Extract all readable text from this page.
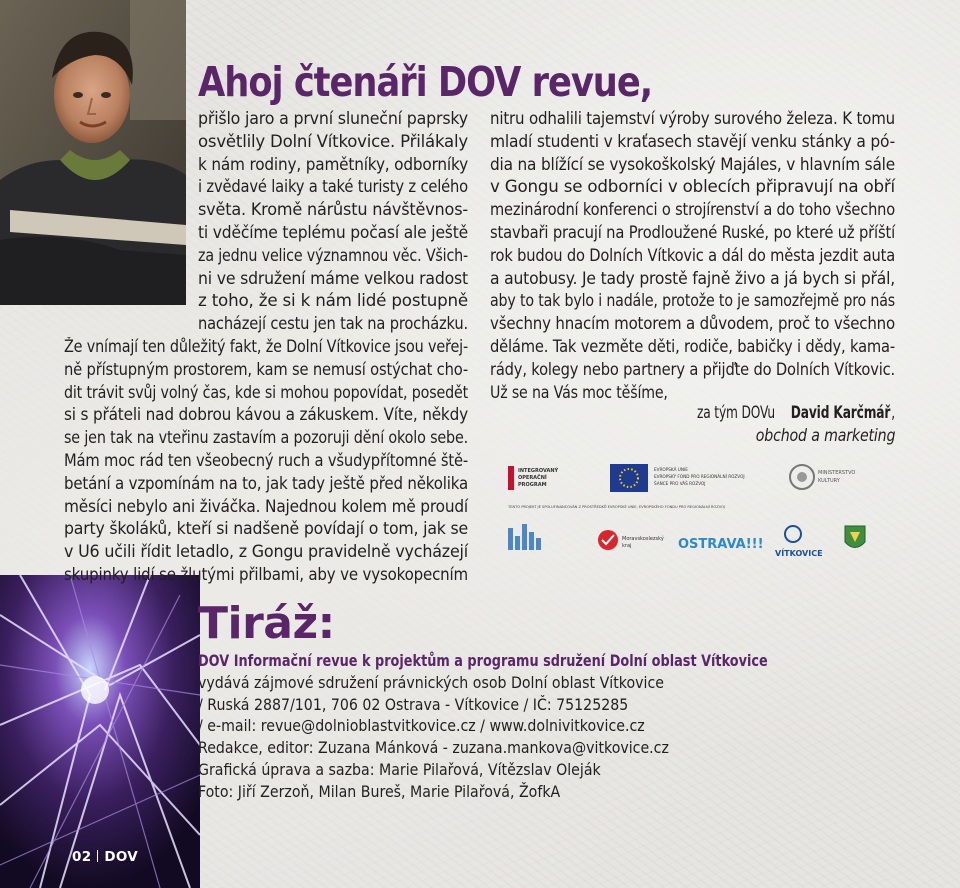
Ahoj čtenáři DOV revue,
přišlo jaro a první sluneční paprsky
osvětlily Dolní Vítkovice. Přilákaly
k nám rodiny, pamětníky, odborníky
i zvědavé laiky a také turisty z celého
světa. Kromě nárůstu návštěvnos-
ti vděčíme teplému počasí ale ještě
za jednu velice významnou věc. Všich-
ni ve sdružení máme velkou radost
z toho, že si k nám lidé postupně
nacházejí cestu jen tak na procházku.
Že vnímají ten důležitý fakt, že Dolní Vítkovice jsou veřej-
ně přístupným prostorem, kam se nemusí ostýchat cho-
dit trávit svůj volný čas, kde si mohou popovídat, posedět
si s přáteli nad dobrou kávou a zákuskem. Víte, někdy
se jen tak na vteřinu zastavím a pozoruji dění okolo sebe.
Mám moc rád ten všeobecný ruch a všudypřítomné ště-
betání a vzpomínám na to, jak tady ještě před několika
měsíci nebylo ani živáčka. Najednou kolem mě proudí
party školáků, kteří si nadšeně povídají o tom, jak se
v U6 učili řídit letadlo, z Gongu pravidelně vycházejí
skupinky lidí se žlutými přilbami, aby ve vysokopecním
nitru odhalili tajemství výroby surového železa. K tomu
mladí studenti v kraťasech stavějí venku stánky a pó-
dia na blížící se vysokoškolský Majáles, v hlavním sále
v Gongu se odborníci v oblecích připravují na obří
mezinárodní konferenci o strojírenství a do toho všechno
stavbaři pracují na Prodloužené Ruské, po které už příští
rok budou do Dolních Vítkovic a dál do města jezdit auta
a autobusy. Je tady prostě fajně živo a já bych si přál,
aby to tak bylo i nadále, protože to je samozřejmě pro nás
všechny hnacím motorem a důvodem, proč to všechno
děláme. Tak vezměte děti, rodiče, babičky i dědy, kama-
rády, kolegy nebo partnery a přijďte do Dolních Vítkovic.
Už se na Vás moc těšíme,
za tým DOVuDavid Karčmář,
obchod a marketing
INTEGROVANÝ
OPERAČNÍ
PROGRAM
EVROPSKÁ UNIE
EVROPSKÝ FOND PRO REGIONÁLNÍ ROZVOJ
ŠANCE PRO VÁŠ ROZVOJ
MINISTERSTVO
KULTURY
TENTO PROJEKT JE SPOLUFINANCOVÁN Z PROSTŘEDKŮ EVROPSKÉ UNIE, EVROPSKÉHO FONDU PRO REGIONÁLNÍ ROZVOJ
Moravskoslezský
kraj	OSTRAVA!!!
VÍTKOVICE
Tiráž:
DOV Informační revue k projektům a programu sdružení Dolní oblast Vítkovice
vydává zájmové sdružení právnických osob Dolní oblast Vítkovice
/ Ruská 2887/101, 706 02 Ostrava - Vítkovice / IČ: 75125285
/ e-mail: revue@dolnioblastvitkovice.cz / www.dolnivitkovice.cz
Redakce, editor: Zuzana Mánková - zuzana.mankova@vitkovice.cz
Grafická úprava a sazba: Marie Pilařová, Vítězslav Oleják
Foto: Jiří Zerzoň, Milan Bureš, Marie Pilařová, ŽofkA
02 DOV
